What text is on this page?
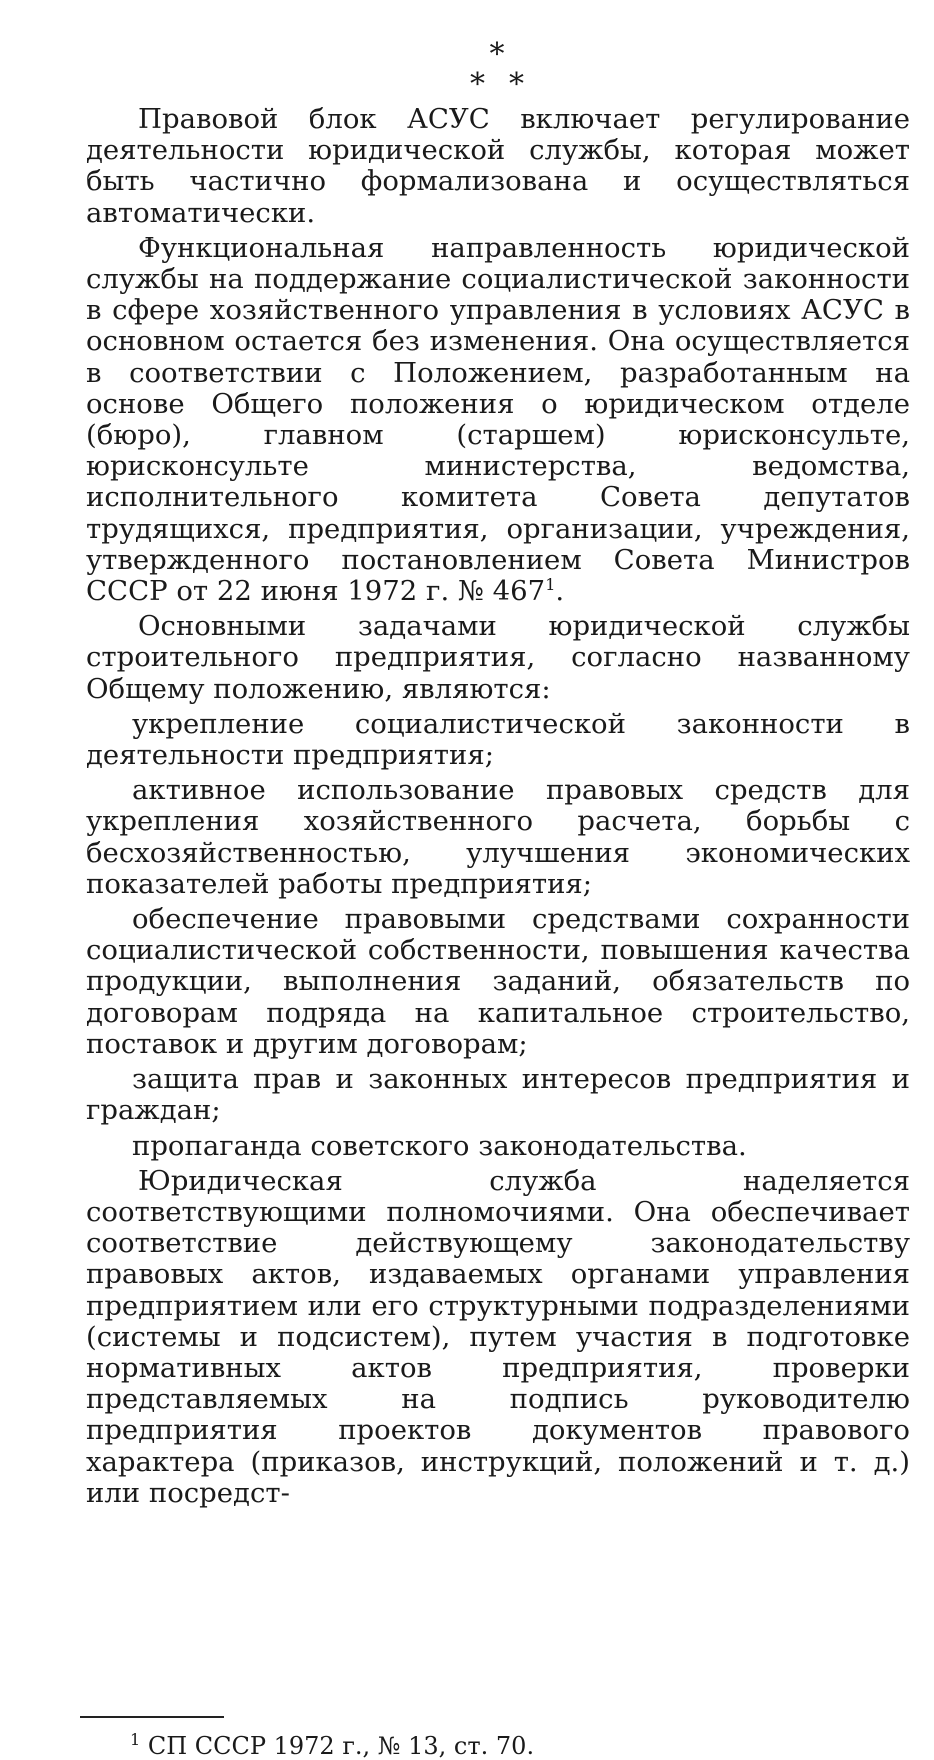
*
* *

Правовой блок АСУС включает регулирование деятельности юридической службы, которая может быть частично формализована и осуществляться автоматически.

Функциональная направленность юридической службы на поддержание социалистической законности в сфере хозяйственного управления в условиях АСУС в основном остается без изменения. Она осуществляется в соответствии с Положением, разработанным на основе Общего положения о юридическом отделе (бюро), главном (старшем) юрисконсульте, юрисконсульте министерства, ведомства, исполнительного комитета Совета депутатов трудящихся, предприятия, организации, учреждения, утвержденного постановлением Совета Министров СССР от 22 июня 1972 г. № $467^1$.

Основными задачами юридической службы строительного предприятия, согласно названному Общему положению, являются:

укрепление социалистической законности в деятельности предприятия;

активное использование правовых средств для укрепления хозяйственного расчета, борьбы с бесхозяйственностью, улучшения экономических показателей работы предприятия;

обеспечение правовыми средствами сохранности социалистической собственности, повышения качества продукции, выполнения заданий, обязательств по договорам подряда на капитальное строительство, поставок и другим договорам;

защита прав и законных интересов предприятия и граждан;

пропаганда советского законодательства.

Юридическая служба наделяется соответствующими полномочиями. Она обеспечивает соответствие действующему законодательству правовых актов, издаваемых органами управления предприятием или его структурными подразделениями (системы и подсистем), путем участия в подготовке нормативных актов предприятия, проверки представляемых на подпись руководителю предприятия проектов документов правового характера (приказов, инструкций, положений и т. д.) или посредст-

$^1$ СП СССР 1972 г., № 13, ст. 70.
